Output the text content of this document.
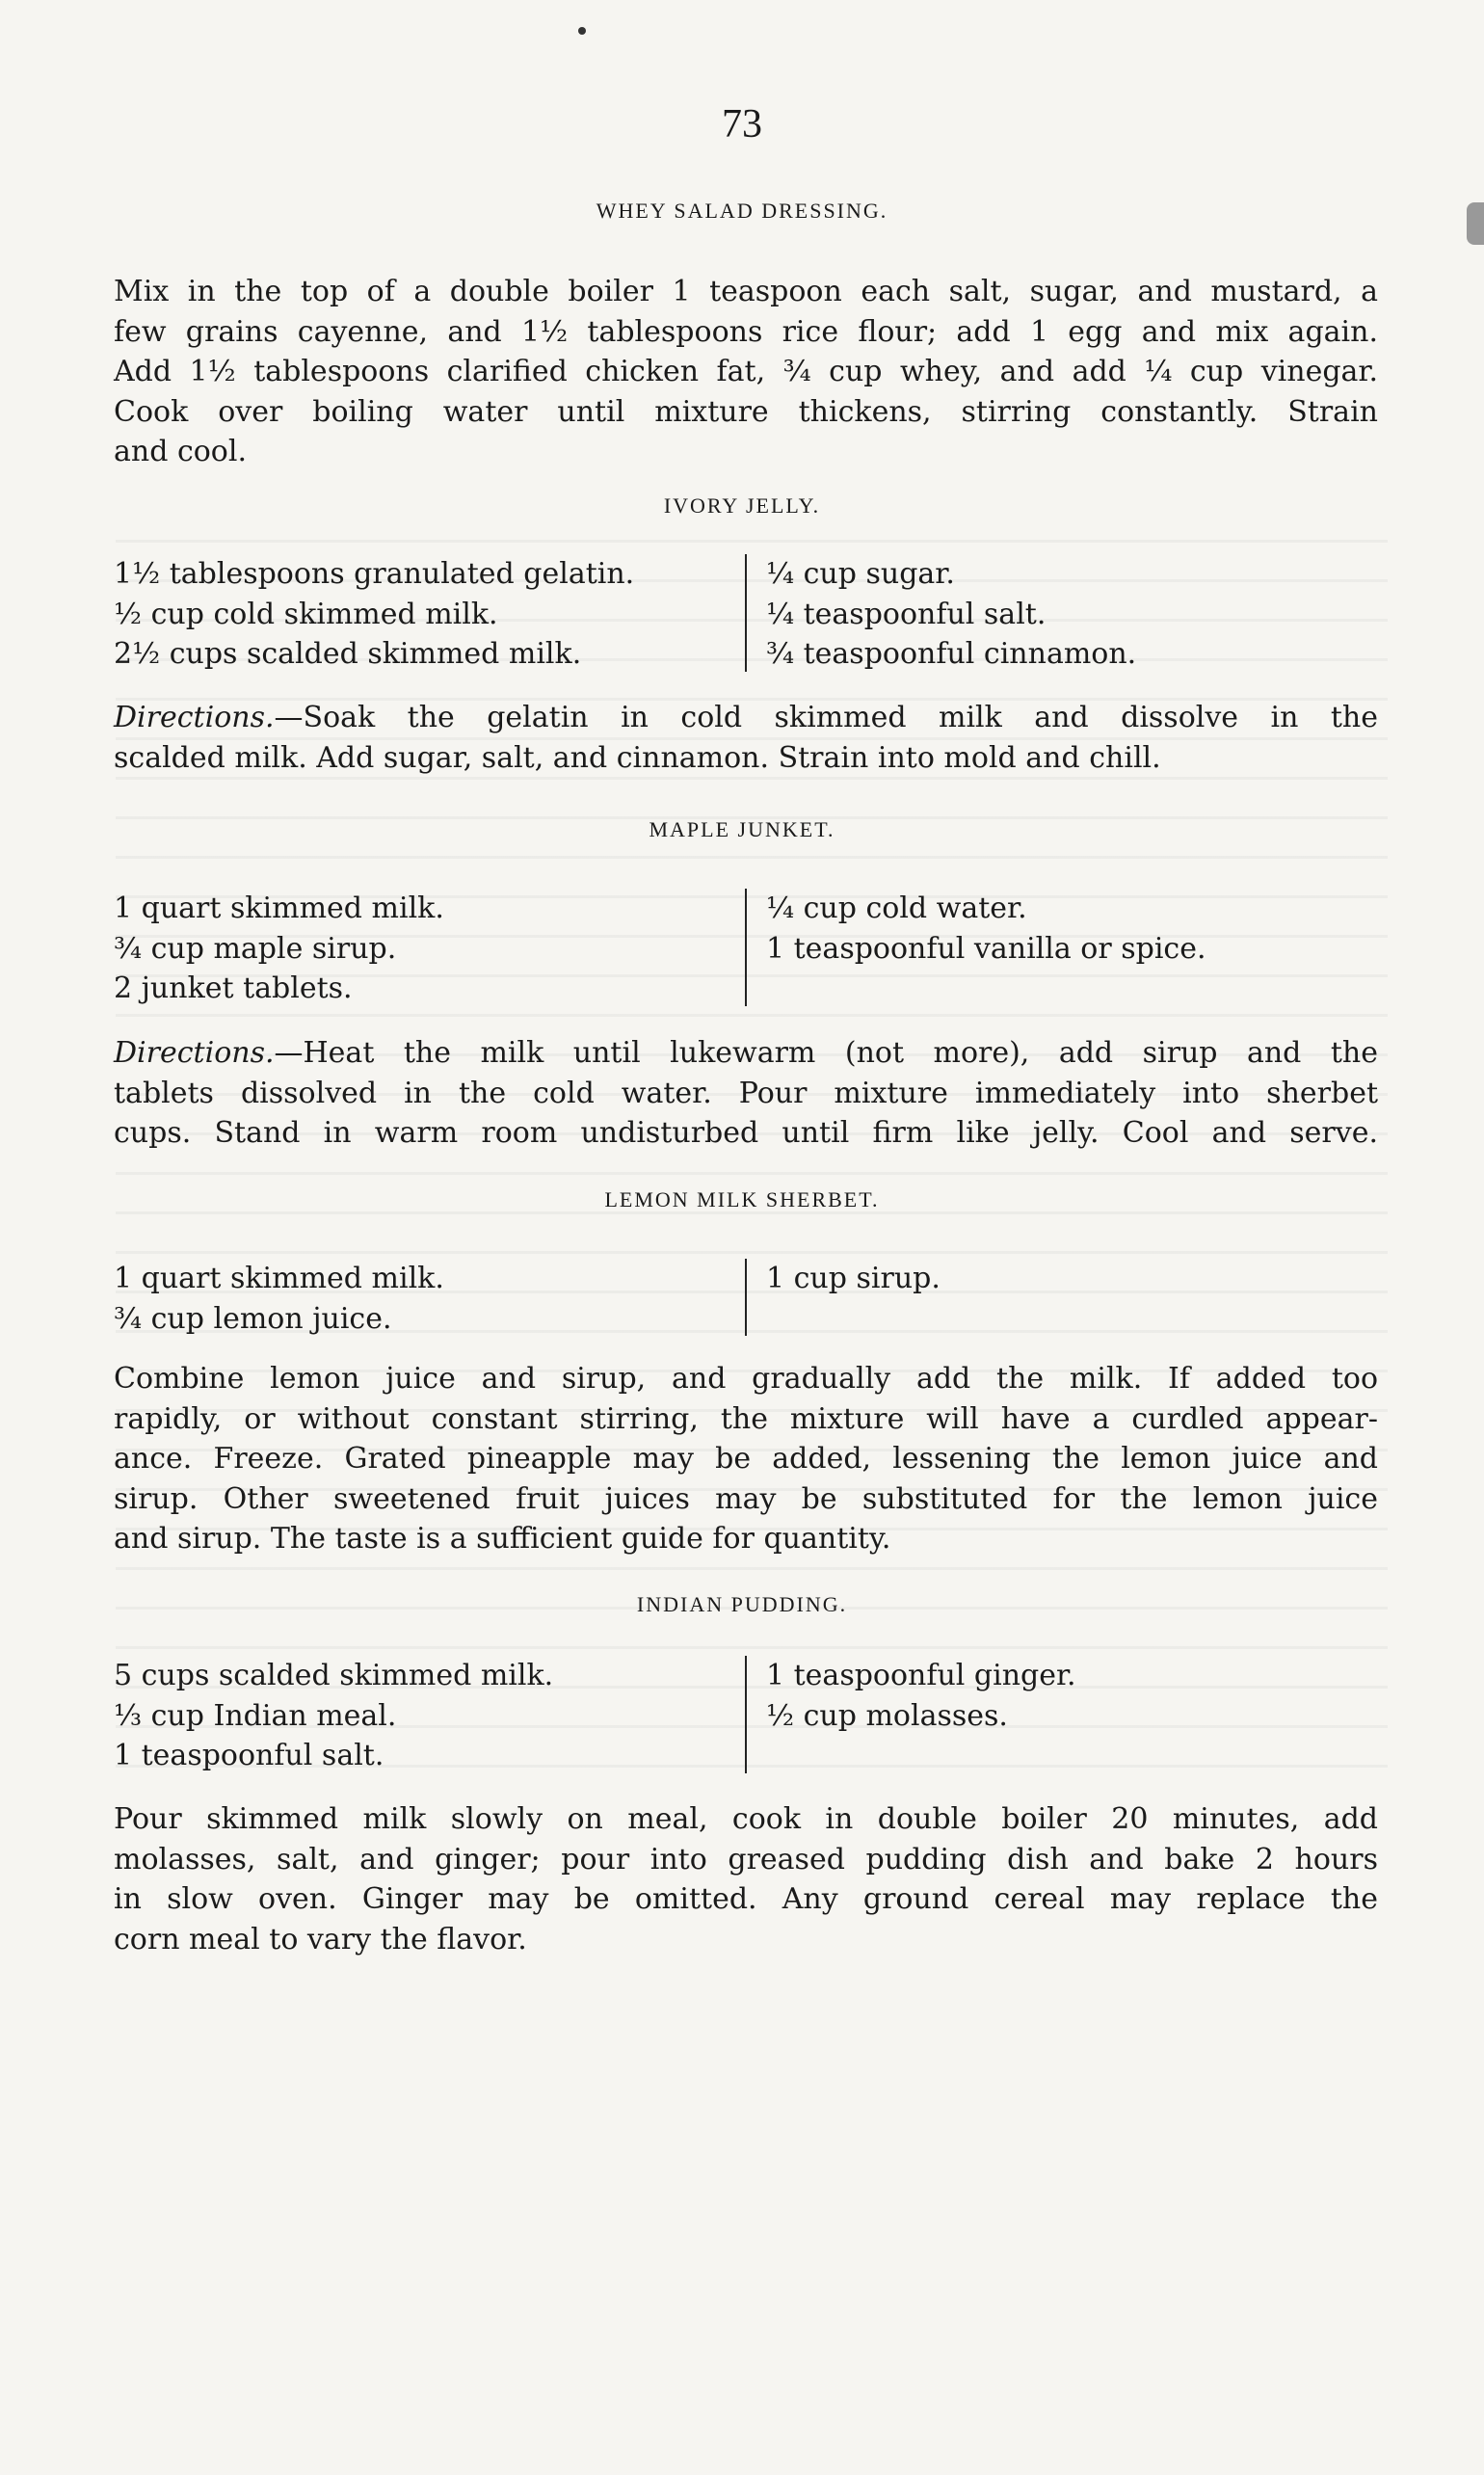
73
WHEY SALAD DRESSING.
Mix in the top of a double boiler 1 teaspoon each salt, sugar, and mustard, a
few grains cayenne, and 1½ tablespoons rice flour; add 1 egg and mix again.
Add 1½ tablespoons clarified chicken fat, ¾ cup whey, and add ¼ cup vinegar.
Cook over boiling water until mixture thickens, stirring constantly. Strain
and cool.
IVORY JELLY.
1½ tablespoons granulated gelatin.
½ cup cold skimmed milk.
2½ cups scalded skimmed milk.
¼ cup sugar.
¼ teaspoonful salt.
¾ teaspoonful cinnamon.
Directions.—Soak the gelatin in cold skimmed milk and dissolve in the
scalded milk. Add sugar, salt, and cinnamon. Strain into mold and chill.
MAPLE JUNKET.
1 quart skimmed milk.
¾ cup maple sirup.
2 junket tablets.
¼ cup cold water.
1 teaspoonful vanilla or spice.
Directions.—Heat the milk until lukewarm (not more), add sirup and the
tablets dissolved in the cold water. Pour mixture immediately into sherbet
cups. Stand in warm room undisturbed until firm like jelly. Cool and serve.
LEMON MILK SHERBET.
1 quart skimmed milk.
¾ cup lemon juice.
1 cup sirup.
Combine lemon juice and sirup, and gradually add the milk. If added too
rapidly, or without constant stirring, the mixture will have a curdled appear-
ance. Freeze. Grated pineapple may be added, lessening the lemon juice and
sirup. Other sweetened fruit juices may be substituted for the lemon juice
and sirup. The taste is a sufficient guide for quantity.
INDIAN PUDDING.
5 cups scalded skimmed milk.
⅓ cup Indian meal.
1 teaspoonful salt.
1 teaspoonful ginger.
½ cup molasses.
Pour skimmed milk slowly on meal, cook in double boiler 20 minutes, add
molasses, salt, and ginger; pour into greased pudding dish and bake 2 hours
in slow oven. Ginger may be omitted. Any ground cereal may replace the
corn meal to vary the flavor.
